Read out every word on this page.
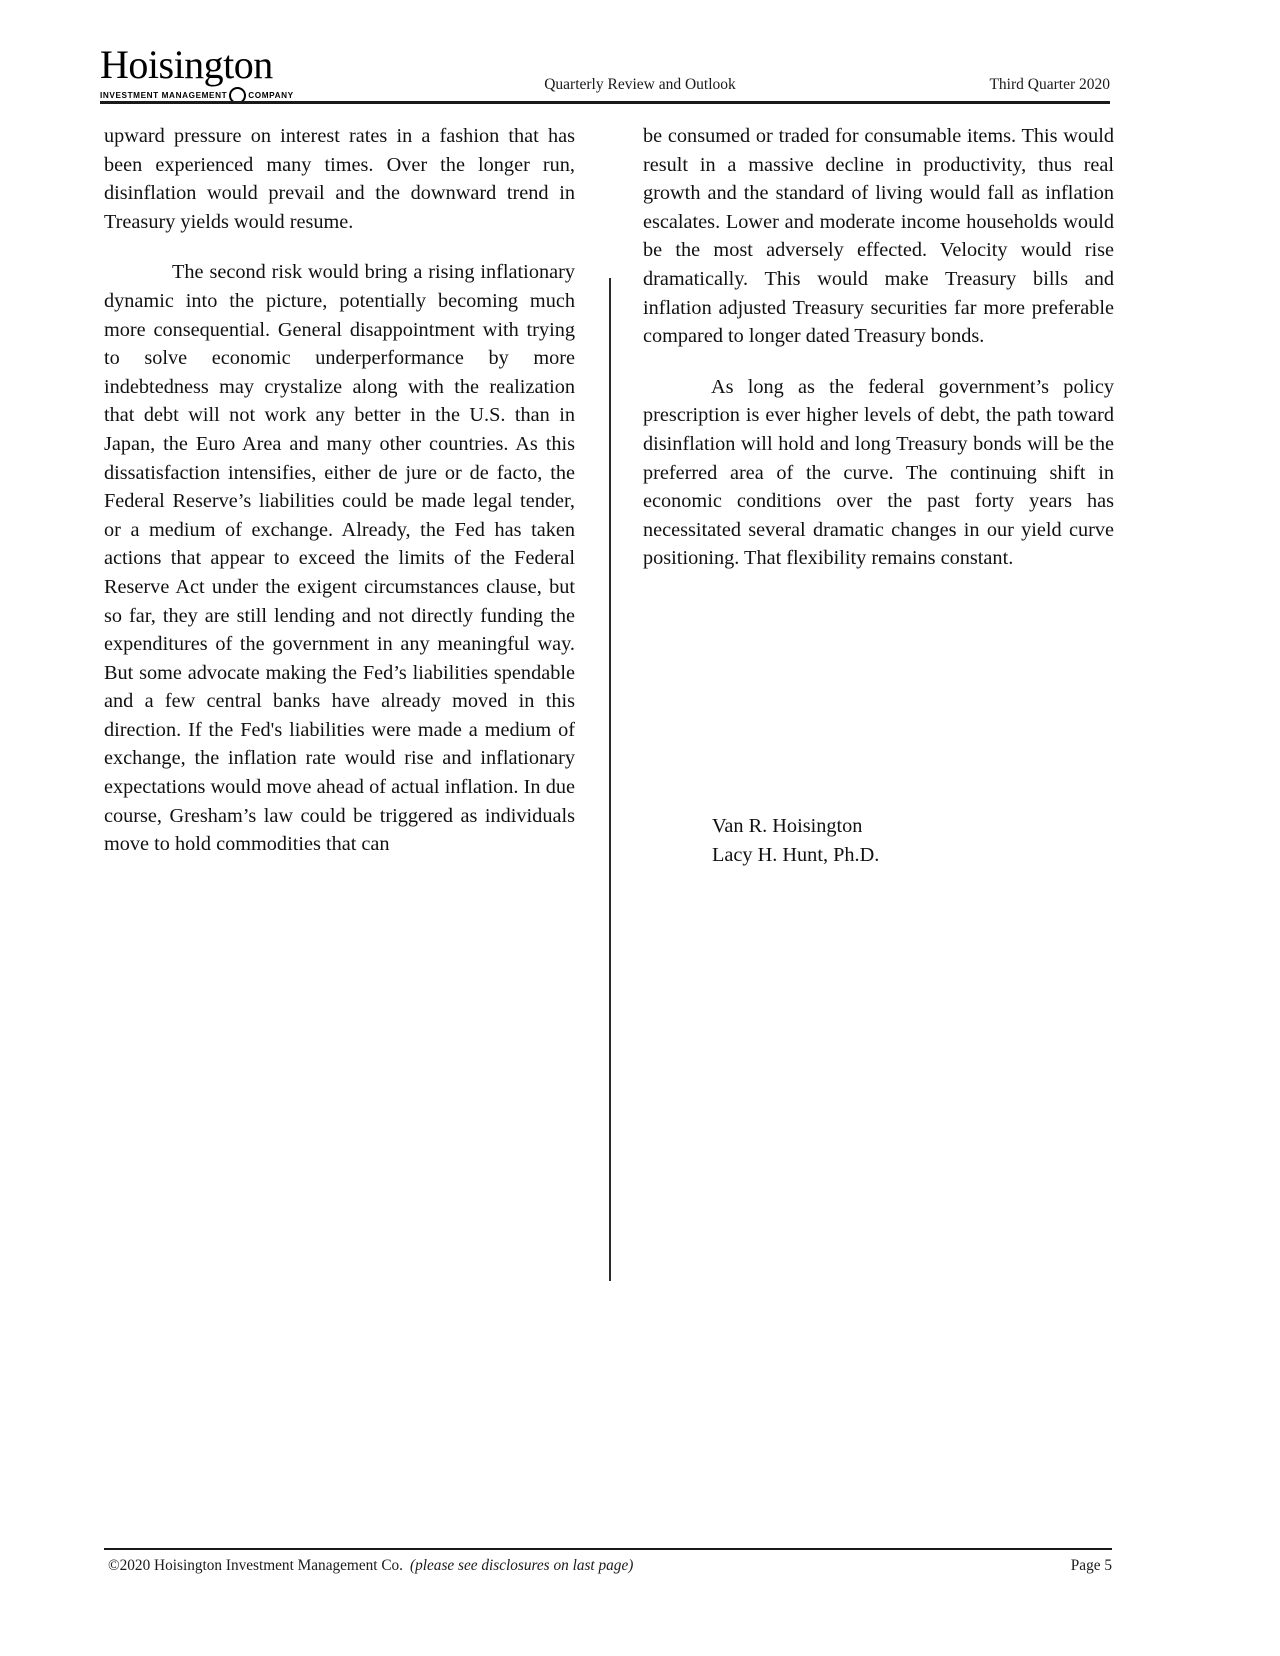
Hoisington
INVESTMENT MANAGEMENT	COMPANY
Quarterly Review and Outlook	Third Quarter 2020

upward pressure on interest rates in a fashion that has been experienced many times. Over the longer run, disinflation would prevail and the downward trend in Treasury yields would resume.

The second risk would bring a rising inflationary dynamic into the picture, potentially becoming much more consequential. General disappointment with trying to solve economic underperformance by more indebtedness may crystalize along with the realization that debt will not work any better in the U.S. than in Japan, the Euro Area and many other countries. As this dissatisfaction intensifies, either de jure or de facto, the Federal Reserve’s liabilities could be made legal tender, or a medium of exchange. Already, the Fed has taken actions that appear to exceed the limits of the Federal Reserve Act under the exigent circumstances clause, but so far, they are still lending and not directly funding the expenditures of the government in any meaningful way. But some advocate making the Fed’s liabilities spendable and a few central banks have already moved in this direction. If the Fed's liabilities were made a medium of exchange, the inflation rate would rise and inflationary expectations would move ahead of actual inflation. In due course, Gresham’s law could be triggered as individuals move to hold commodities that can

be consumed or traded for consumable items. This would result in a massive decline in productivity, thus real growth and the standard of living would fall as inflation escalates. Lower and moderate income households would be the most adversely effected. Velocity would rise dramatically. This would make Treasury bills and inflation adjusted Treasury securities far more preferable compared to longer dated Treasury bonds.

As long as the federal government’s policy prescription is ever higher levels of debt, the path toward disinflation will hold and long Treasury bonds will be the preferred area of the curve. The continuing shift in economic conditions over the past forty years has necessitated several dramatic changes in our yield curve positioning. That flexibility remains constant.

Van R. Hoisington
Lacy H. Hunt, Ph.D.
©2020 Hoisington Investment Management Co. (please see disclosures on last page)	Page 5
